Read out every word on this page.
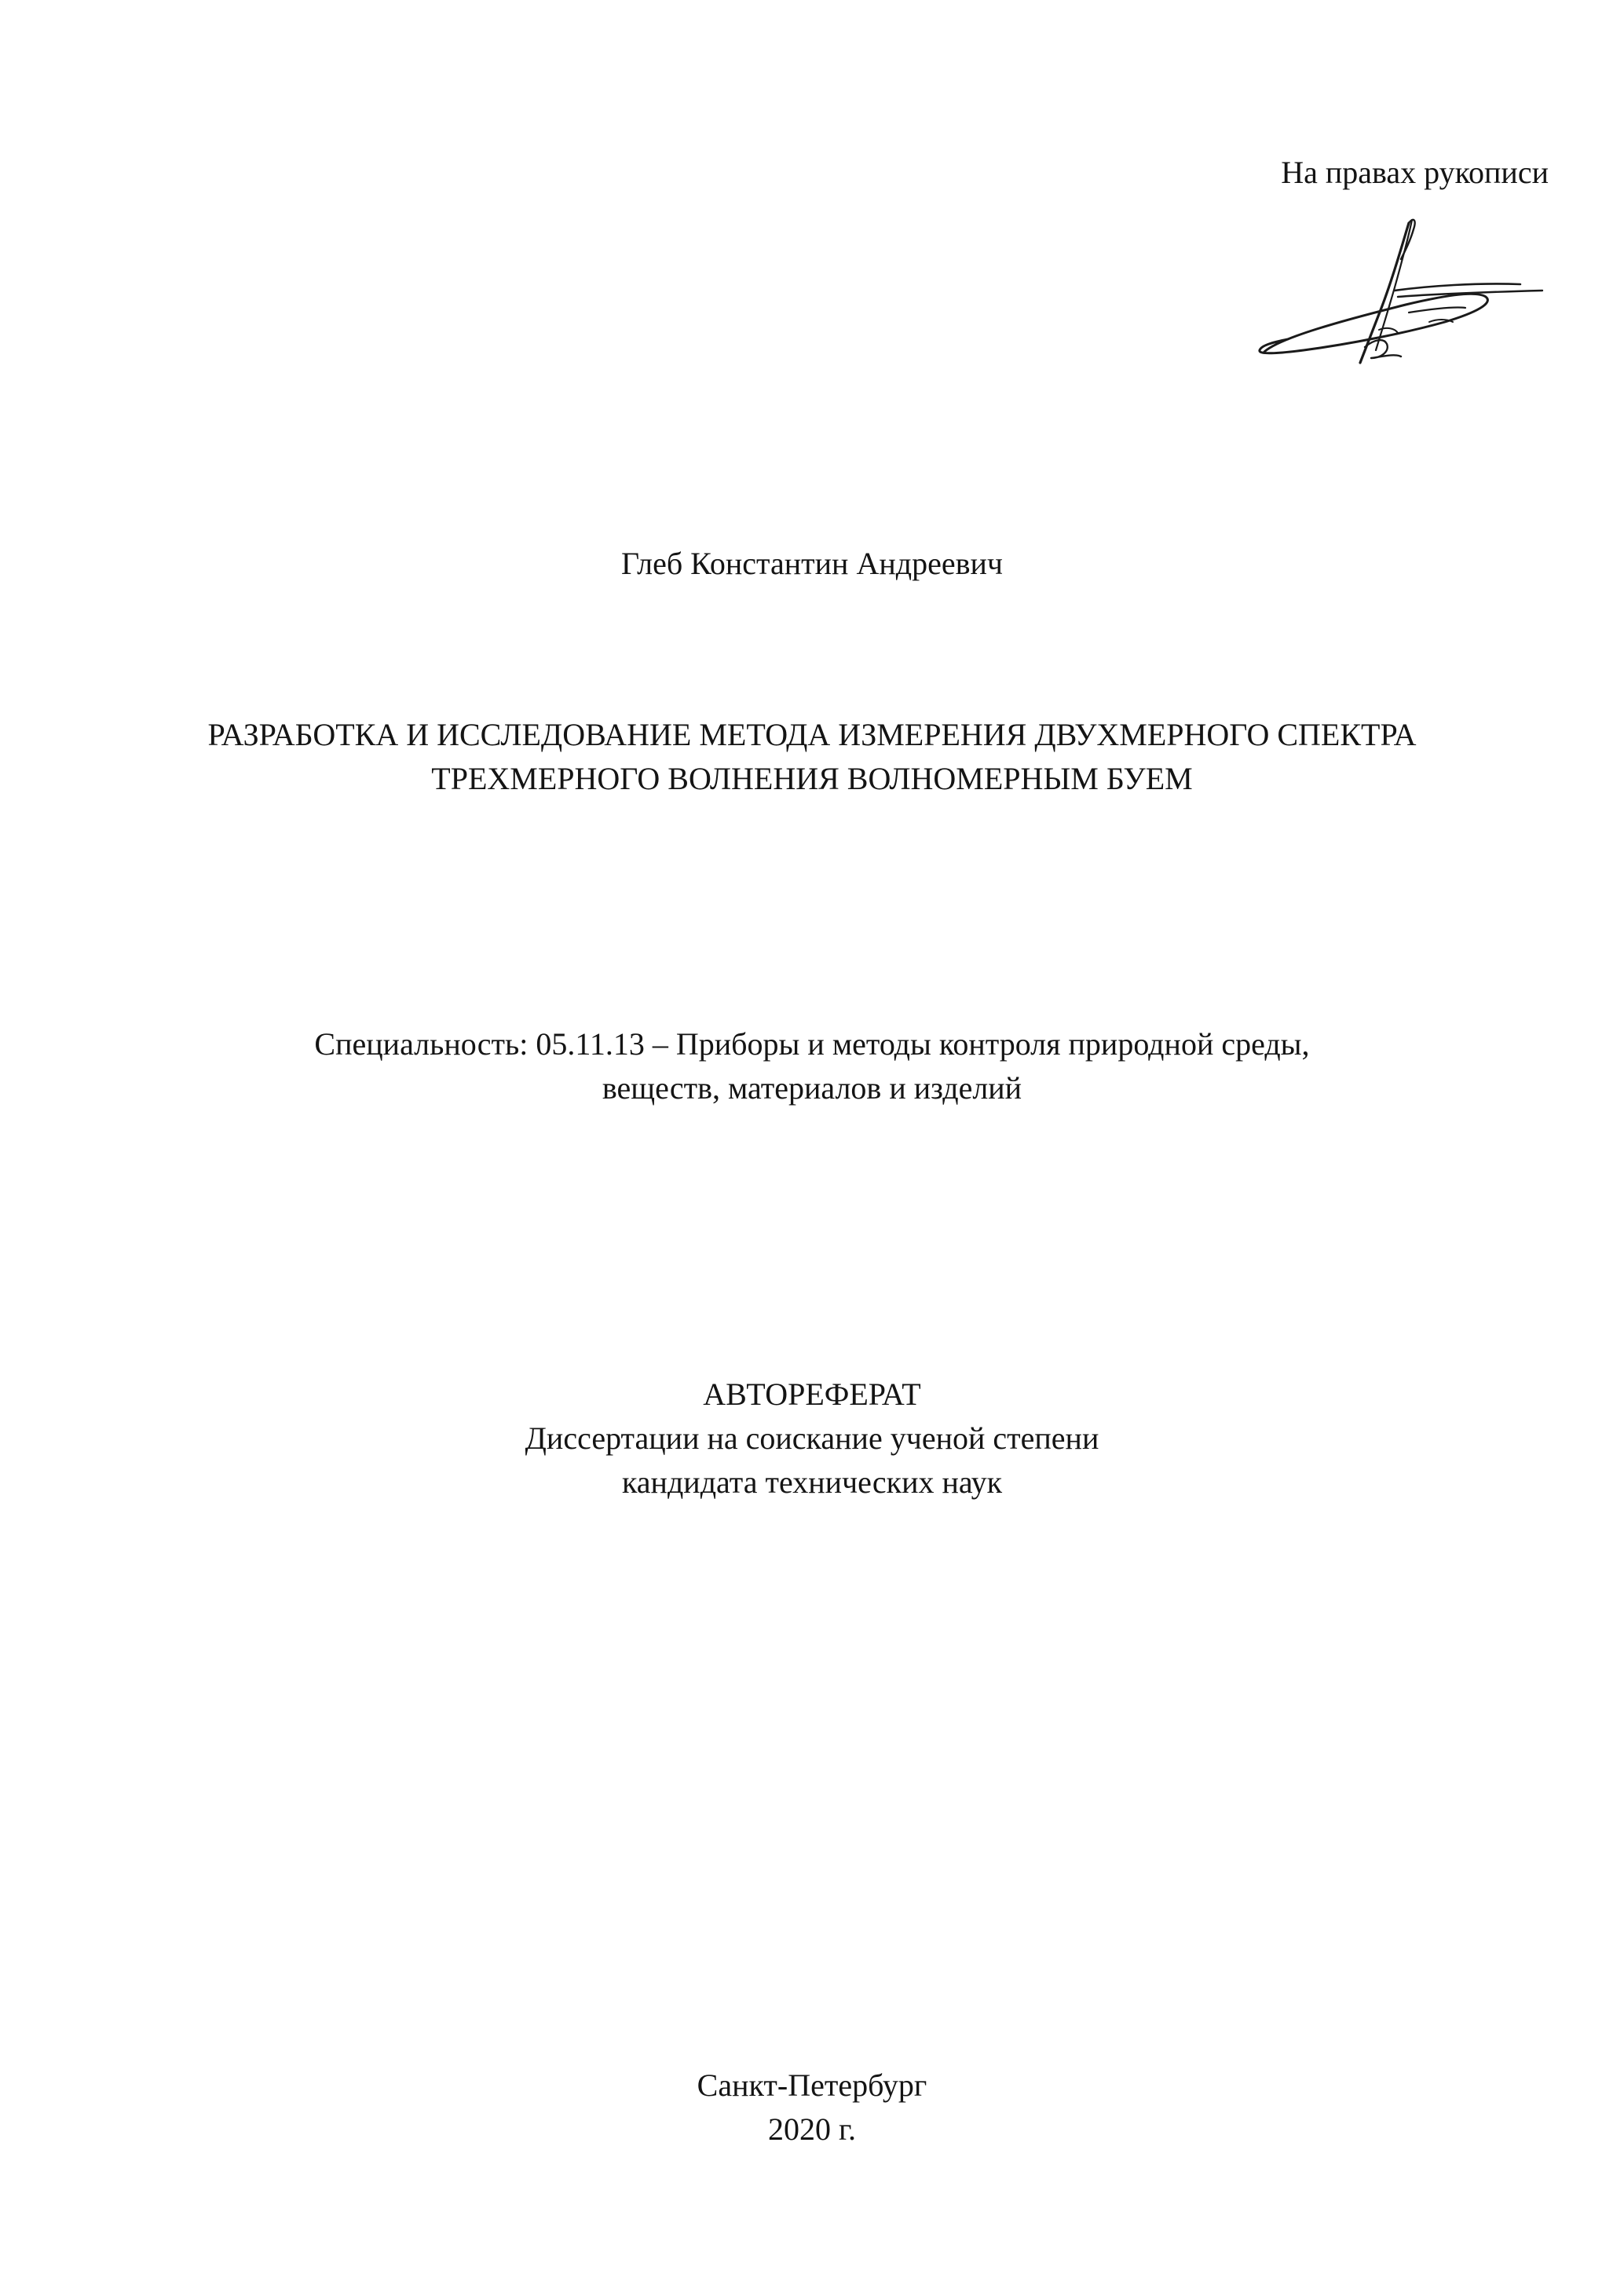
На правах рукописи
Глеб Константин Андреевич
РАЗРАБОТКА И ИССЛЕДОВАНИЕ МЕТОДА ИЗМЕРЕНИЯ ДВУХМЕРНОГО СПЕКТРА
ТРЕХМЕРНОГО ВОЛНЕНИЯ ВОЛНОМЕРНЫМ БУЕМ
Специальность: 05.11.13 – Приборы и методы контроля природной среды,
веществ, материалов и изделий
АВТОРЕФЕРАТ
Диссертации на соискание ученой степени
кандидата технических наук
Санкт-Петербург
2020 г.
